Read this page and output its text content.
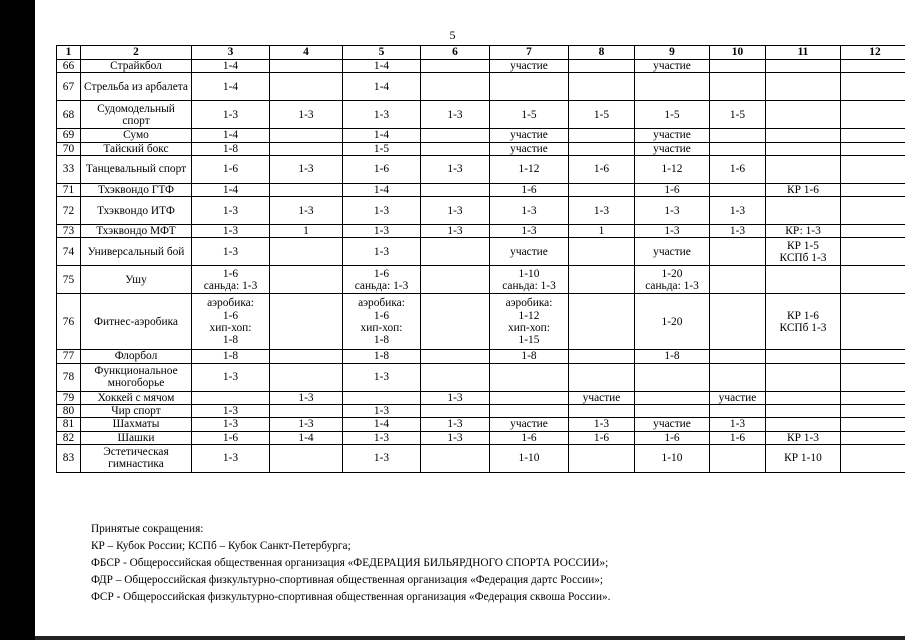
5
1	2	3	4	5	6	7	8	9	10	11	12
66	Страйкбол	1-4		1-4		участие		участие			
67	Стрельба из арбалета	1-4		1-4							
68	Судомодельный спорт	1-3	1-3	1-3	1-3	1-5	1-5	1-5	1-5		
69	Сумо	1-4		1-4		участие		участие			
70	Тайский бокс	1-8		1-5		участие		участие			
33	Танцевальный спорт	1-6	1-3	1-6	1-3	1-12	1-6	1-12	1-6		
71	Тхэквондо ГТФ	1-4		1-4		1-6		1-6		КР 1-6	
72	Тхэквондо ИТФ	1-3	1-3	1-3	1-3	1-3	1-3	1-3	1-3		
73	Тхэквондо МФТ	1-3	1	1-3	1-3	1-3	1	1-3	1-3	КР: 1-3	
74	Универсальный бой	1-3		1-3		участие		участие		КР 1-5
КСПб 1-3	
75	Ушу	1-6
саньда: 1-3		1-6
саньда: 1-3		1-10
саньда: 1-3		1-20
саньда: 1-3			
76	Фитнес-аэробика	аэробика:
1-6
хип-хоп:
1-8		аэробика:
1-6
хип-хоп:
1-8		аэробика:
1-12
хип-хоп:
1-15		1-20		КР 1-6
КСПб 1-3	
77	Флорбол	1-8		1-8		1-8		1-8			
78	Функциональное многоборье	1-3		1-3							
79	Хоккей с мячом		1-3		1-3		участие		участие		
80	Чир спорт	1-3		1-3							
81	Шахматы	1-3	1-3	1-4	1-3	участие	1-3	участие	1-3		
82	Шашки	1-6	1-4	1-3	1-3	1-6	1-6	1-6	1-6	КР 1-3	
83	Эстетическая гимнастика	1-3		1-3		1-10		1-10		КР 1-10	
Принятые сокращения:
КР – Кубок России; КСПб – Кубок Санкт-Петербурга;
ФБСР - Общероссийская общественная организация «ФЕДЕРАЦИЯ БИЛЬЯРДНОГО СПОРТА РОССИИ»;
ФДР – Общероссийская физкультурно-спортивная общественная организация «Федерация дартс России»;
ФСР - Общероссийская физкультурно-спортивная общественная организация «Федерация сквоша России».
